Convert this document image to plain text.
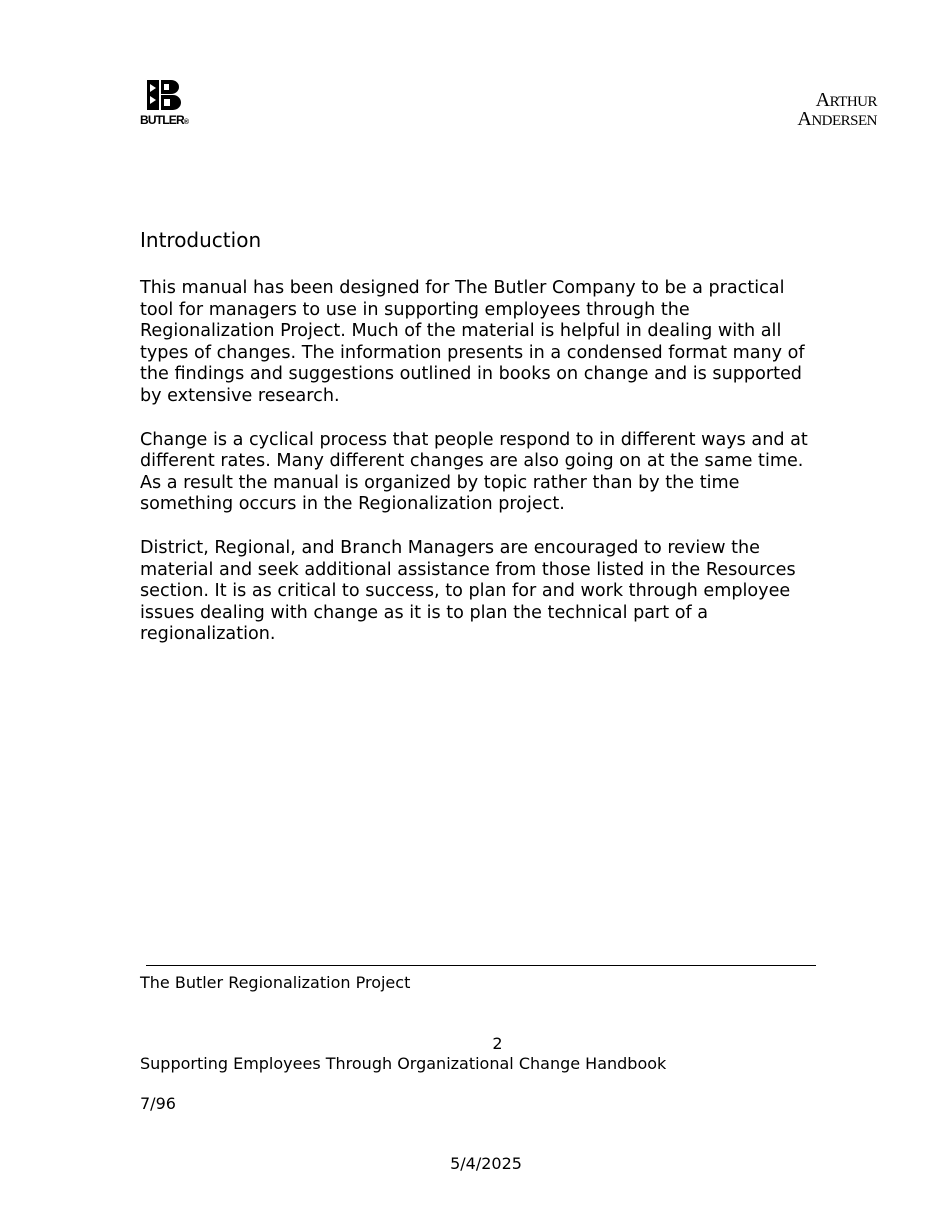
BUTLER®
ARTHUR
ANDERSEN
Introduction

This manual has been designed for The Butler Company to be a practical tool for managers to use in supporting employees through the Regionalization Project. Much of the material is helpful in dealing with all types of changes. The information presents in a condensed format many of the findings and suggestions outlined in books on change and is supported by extensive research.

Change is a cyclical process that people respond to in different ways and at different rates. Many different changes are also going on at the same time. As a result the manual is organized by topic rather than by the time something occurs in the Regionalization project.

District, Regional, and Branch Managers are encouraged to review the material and seek additional assistance from those listed in the Resources section. It is as critical to success, to plan for and work through employee issues dealing with change as it is to plan the technical part of a regionalization.

The Butler Regionalization Project
2
Supporting Employees Through Organizational Change Handbook
7/96
5/4/2025
